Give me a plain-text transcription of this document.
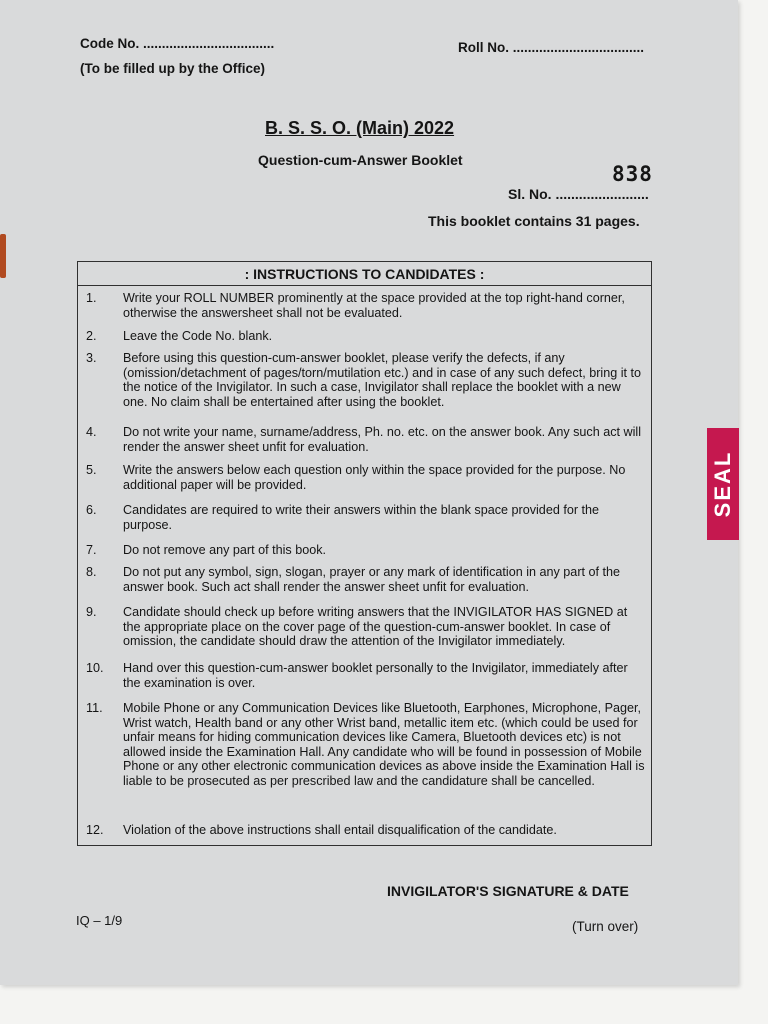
Code No. ...................................
(To be filled up by the Office)
Roll No. ...................................
B. S. S. O. (Main) 2022
Question-cum-Answer Booklet
838
Sl. No. ........................
This booklet contains 31 pages.
: INSTRUCTIONS TO CANDIDATES :
1. Write your ROLL NUMBER prominently at the space provided at the top right-hand corner, otherwise the answersheet shall not be evaluated.
2. Leave the Code No. blank.
3. Before using this question-cum-answer booklet, please verify the defects, if any (omission/detachment of pages/torn/mutilation etc.) and in case of any such defect, bring it to the notice of the Invigilator. In such a case, Invigilator shall replace the booklet with a new one. No claim shall be entertained after using the booklet.
4. Do not write your name, surname/address, Ph. no. etc. on the answer book. Any such act will render the answer sheet unfit for evaluation.
5. Write the answers below each question only within the space provided for the purpose. No additional paper will be provided.
6. Candidates are required to write their answers within the blank space provided for the purpose.
7. Do not remove any part of this book.
8. Do not put any symbol, sign, slogan, prayer or any mark of identification in any part of the answer book. Such act shall render the answer sheet unfit for evaluation.
9. Candidate should check up before writing answers that the INVIGILATOR HAS SIGNED at the appropriate place on the cover page of the question-cum-answer booklet. In case of omission, the candidate should draw the attention of the Invigilator immediately.
10. Hand over this question-cum-answer booklet personally to the Invigilator, immediately after the examination is over.
11. Mobile Phone or any Communication Devices like Bluetooth, Earphones, Microphone, Pager, Wrist watch, Health band or any other Wrist band, metallic item etc. (which could be used for unfair means for hiding communication devices like Camera, Bluetooth devices etc) is not allowed inside the Examination Hall. Any candidate who will be found in possession of Mobile Phone or any other electronic communication devices as above inside the Examination Hall is liable to be prosecuted as per prescribed law and the candidature shall be cancelled.
12. Violation of the above instructions shall entail disqualification of the candidate.
INVIGILATOR'S SIGNATURE & DATE
IQ – 1/9	(Turn over)
SEAL
